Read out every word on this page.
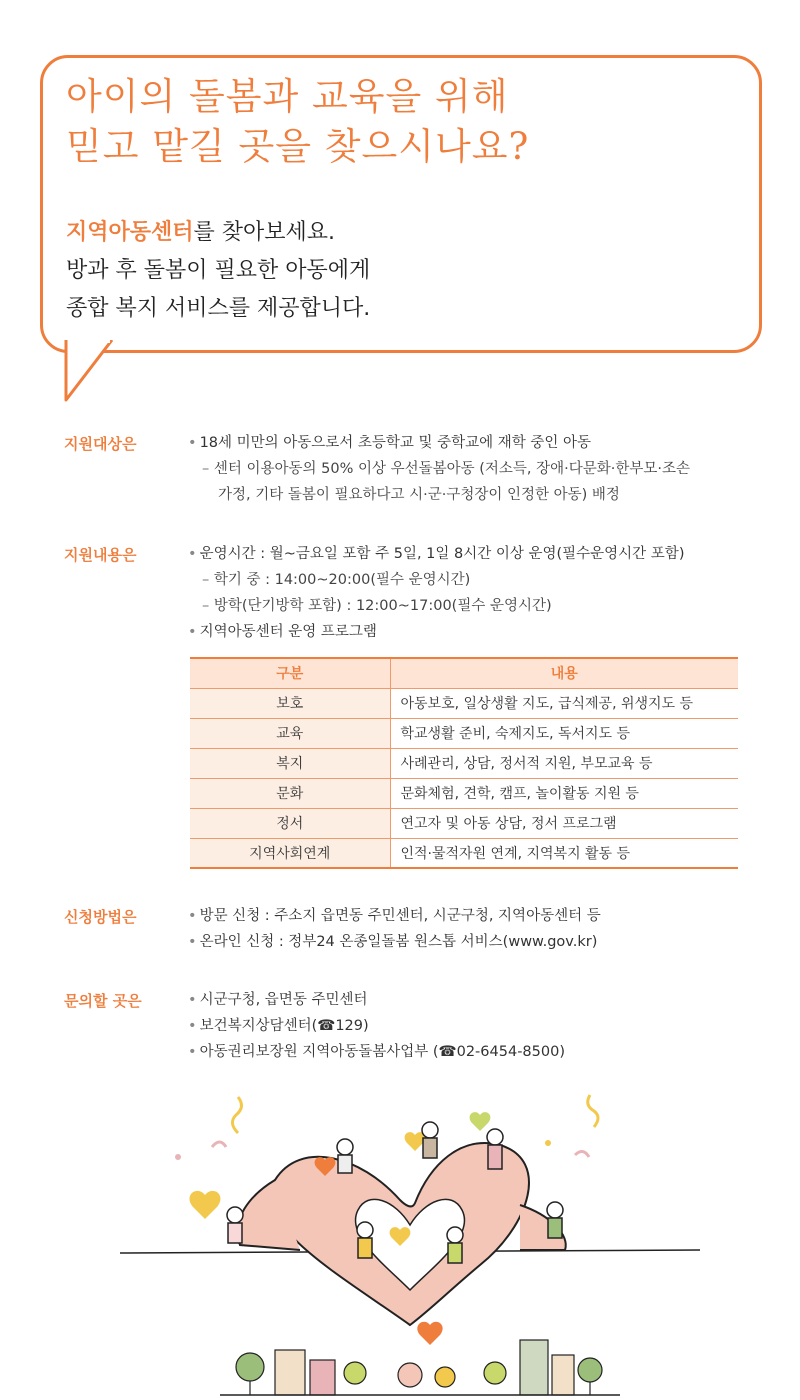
아이의 돌봄과 교육을 위해
믿고 맡길 곳을 찾으시나요?
지역아동센터를 찾아보세요.
방과 후 돌봄이 필요한 아동에게
종합 복지 서비스를 제공합니다.
지원대상은	• 18세 미만의 아동으로서 초등학교 및 중학교에 재학 중인 아동
– 센터 이용아동의 50% 이상 우선돌봄아동 (저소득, 장애·다문화·한부모·조손
가정, 기타 돌봄이 필요하다고 시·군·구청장이 인정한 아동) 배정
지원내용은	• 운영시간 : 월~금요일 포함 주 5일, 1일 8시간 이상 운영(필수운영시간 포함)
– 학기 중 : 14:00~20:00(필수 운영시간)
– 방학(단기방학 포함) : 12:00~17:00(필수 운영시간)
• 지역아동센터 운영 프로그램
구분	내용
보호	아동보호, 일상생활 지도, 급식제공, 위생지도 등
교육	학교생활 준비, 숙제지도, 독서지도 등
복지	사례관리, 상담, 정서적 지원, 부모교육 등
문화	문화체험, 견학, 캠프, 놀이활동 지원 등
정서	연고자 및 아동 상담, 정서 프로그램
지역사회연계	인적·물적자원 연계, 지역복지 활동 등
신청방법은	• 방문 신청 : 주소지 읍면동 주민센터, 시군구청, 지역아동센터 등
• 온라인 신청 : 정부24 온종일돌봄 원스톱 서비스(www.gov.kr)
문의할 곳은	• 시군구청, 읍면동 주민센터
• 보건복지상담센터(☎129)
• 아동권리보장원 지역아동돌봄사업부 (☎02-6454-8500)
